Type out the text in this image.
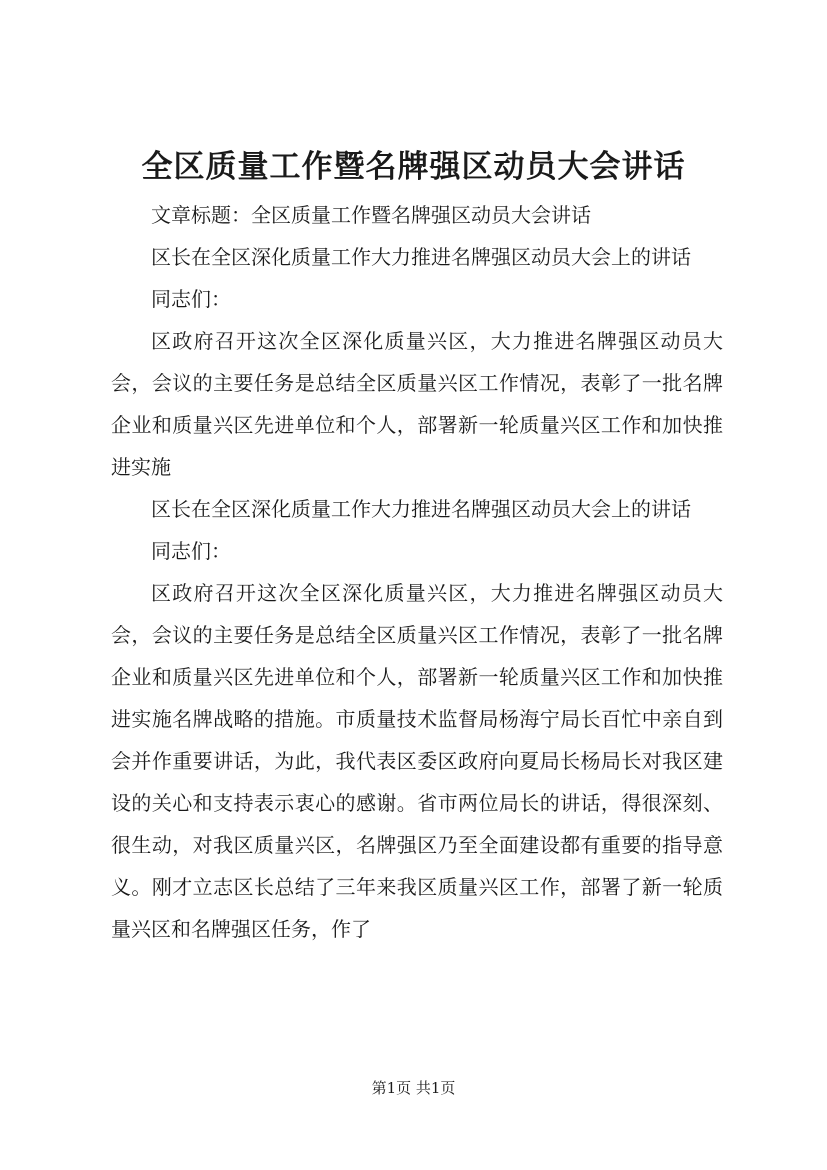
全区质量工作暨名牌强区动员大会讲话

文章标题：全区质量工作暨名牌强区动员大会讲话

区长在全区深化质量工作大力推进名牌强区动员大会上的讲话

同志们：

区政府召开这次全区深化质量兴区，大力推进名牌强区动员大会，会议的主要任务是总结全区质量兴区工作情况，表彰了一批名牌企业和质量兴区先进单位和个人，部署新一轮质量兴区工作和加快推进实施

区长在全区深化质量工作大力推进名牌强区动员大会上的讲话

同志们：

区政府召开这次全区深化质量兴区，大力推进名牌强区动员大会，会议的主要任务是总结全区质量兴区工作情况，表彰了一批名牌企业和质量兴区先进单位和个人，部署新一轮质量兴区工作和加快推进实施名牌战略的措施。市质量技术监督局杨海宁局长百忙中亲自到会并作重要讲话，为此，我代表区委区政府向夏局长杨局长对我区建设的关心和支持表示衷心的感谢。省市两位局长的讲话，得很深刻、很生动，对我区质量兴区，名牌强区乃至全面建设都有重要的指导意义。刚才立志区长总结了三年来我区质量兴区工作，部署了新一轮质量兴区和名牌强区任务，作了

第1页 共1页
